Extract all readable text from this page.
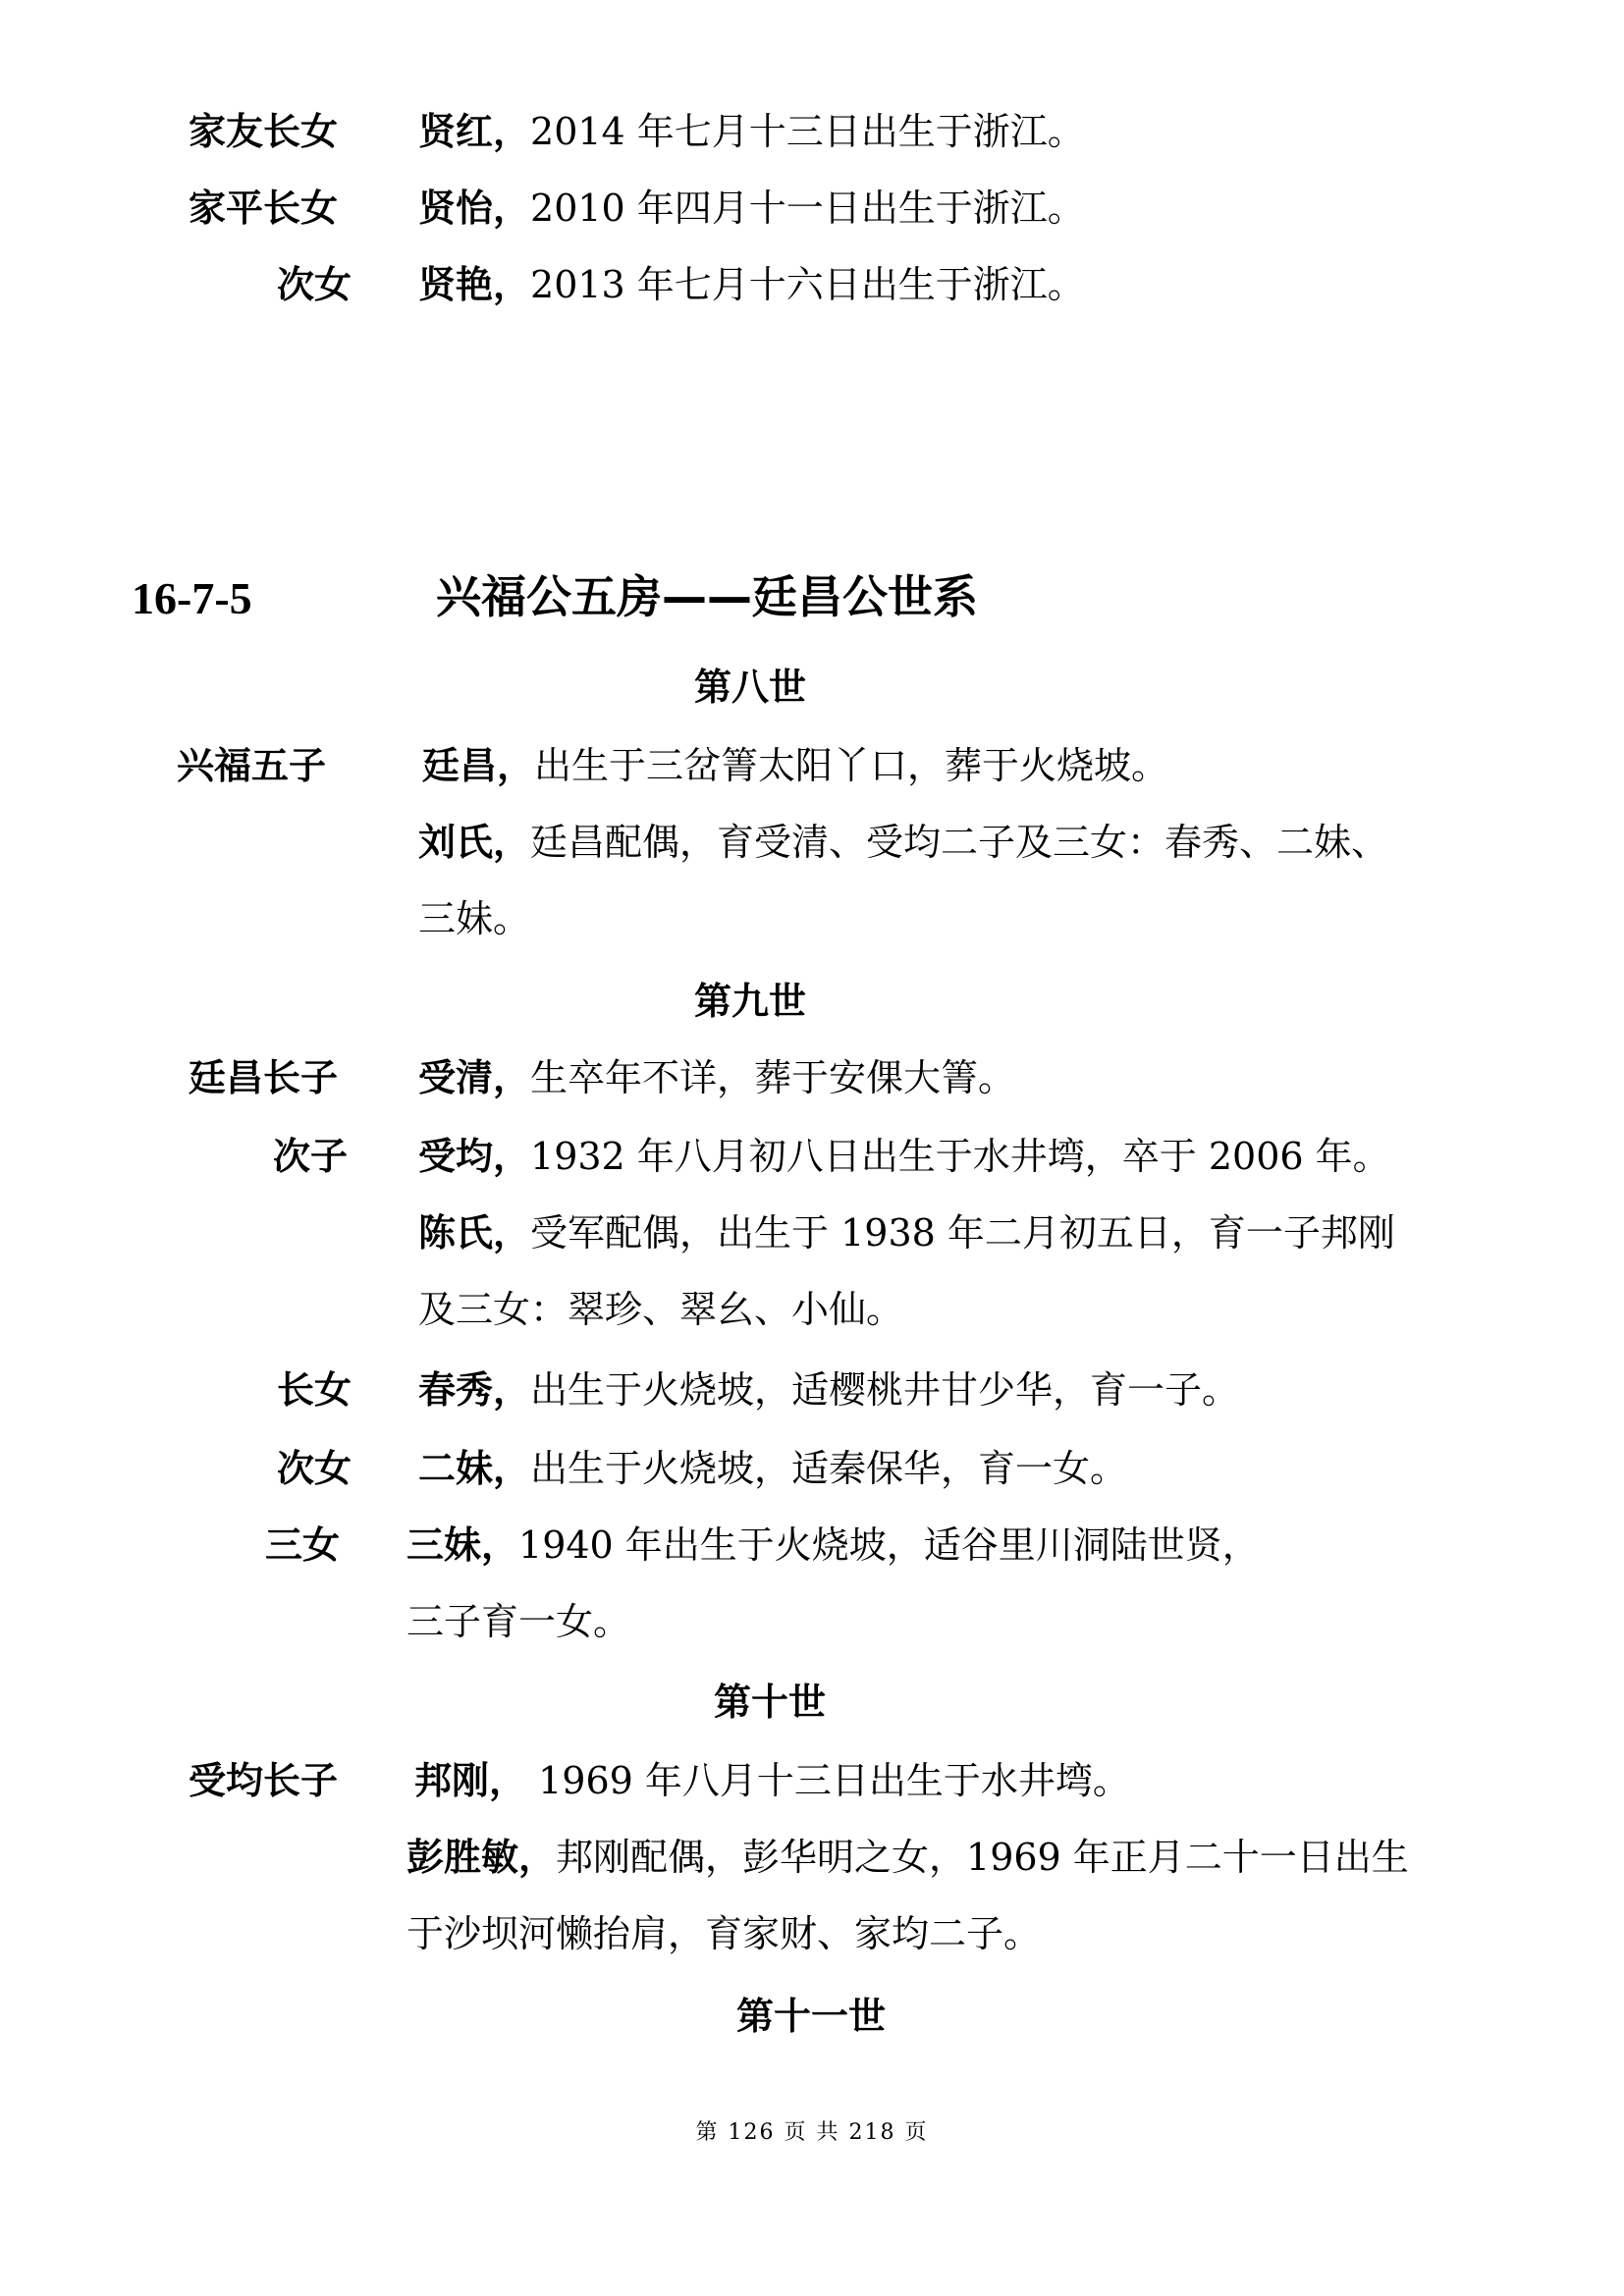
家友长女 贤红，2014 年七月十三日出生于浙江。
家平长女 贤怡，2010 年四月十一日出生于浙江。
次女 贤艳，2013 年七月十六日出生于浙江。
16-7-5	兴福公五房——廷昌公世系
第八世
兴福五子	廷昌，出生于三岔箐太阳丫口，葬于火烧坡。
刘氏，廷昌配偶，育受清、受均二子及三女：春秀、二妹、
三妹。
第九世
廷昌长子 受清，生卒年不详，葬于安倮大箐。
次子 受均，1932 年八月初八日出生于水井塆，卒于 2006 年。
陈氏，受军配偶，出生于 1938 年二月初五日，育一子邦刚
及三女：翠珍、翠幺、小仙。
长女 春秀，出生于火烧坡，适樱桃井甘少华，育一子。
次女 二妹，出生于火烧坡，适秦保华，育一女。
三女 三妹，1940 年出生于火烧坡，适谷里川洞陆世贤，
三子育一女。
第十世
受均长子 邦刚， 1969 年八月十三日出生于水井塆。
彭胜敏，邦刚配偶，彭华明之女，1969 年正月二十一日出生
于沙坝河懒抬肩，育家财、家均二子。
第十一世
第 126 页 共 218 页
